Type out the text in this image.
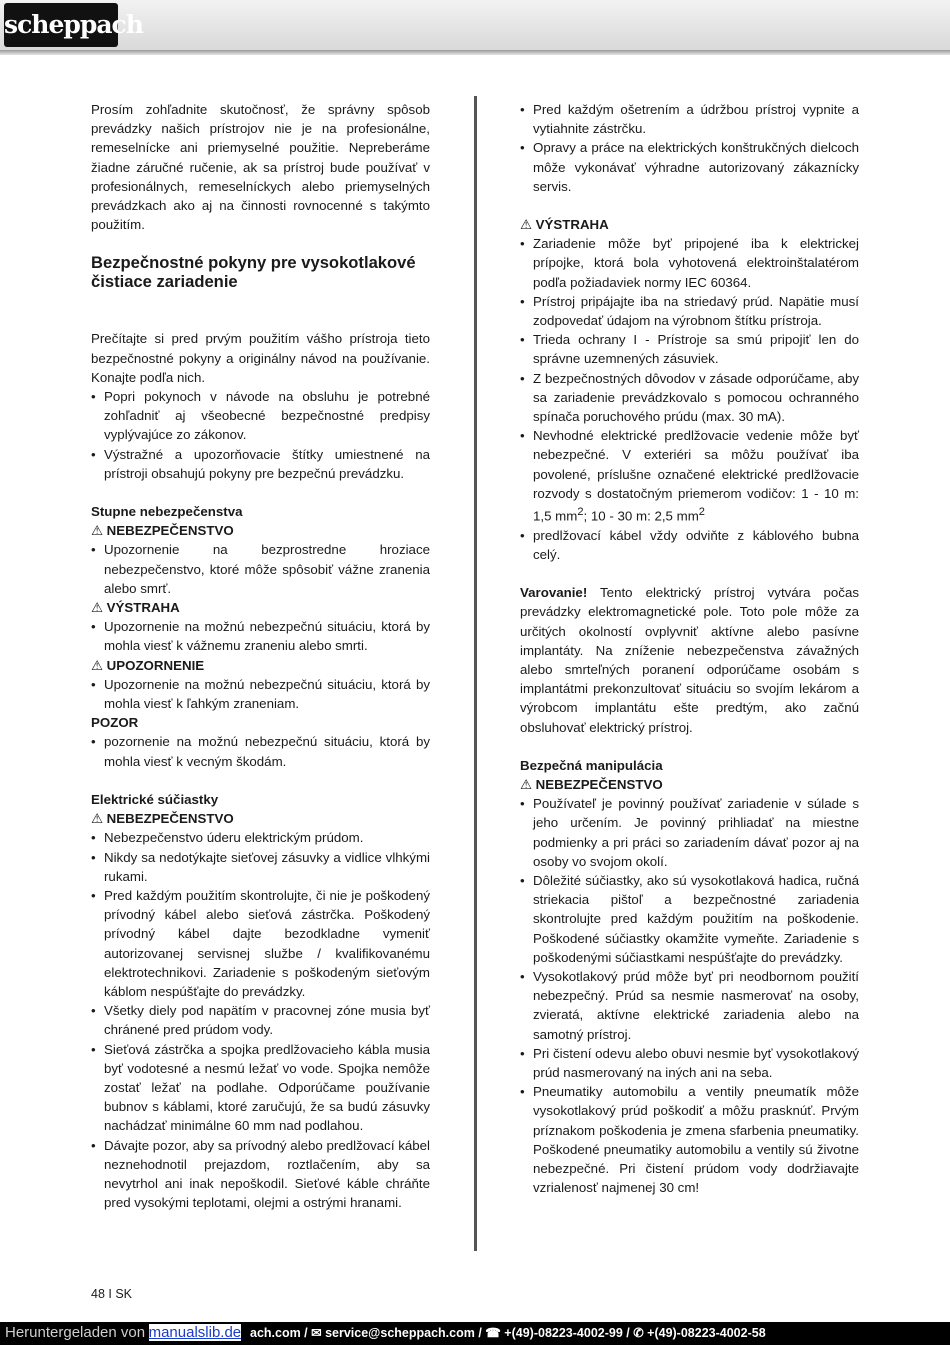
scheppach

Prosím zohľadnite skutočnosť, že správny spôsob prevádzky našich prístrojov nie je na profesionálne, remeselnícke ani priemyselné použitie. Nepreberáme žiadne záručné ručenie, ak sa prístroj bude používať v profesionálnych, remeselníckych alebo priemyselných prevádzkach ako aj na činnosti rovnocenné s takýmto použitím.

Bezpečnostné pokyny pre vysokotlakové čistiace zariadenie

Prečítajte si pred prvým použitím vášho prístroja tieto bezpečnostné pokyny a originálny návod na používanie. Konajte podľa nich.

• Popri pokynoch v návode na obsluhu je potrebné zohľadniť aj všeobecné bezpečnostné predpisy vyplývajúce zo zákonov.
• Výstražné a upozorňovacie štítky umiestnené na prístroji obsahujú pokyny pre bezpečnú prevádzku.

Stupne nebezpečenstva

⚠ NEBEZPEČENSTVO

• Upozornenie na bezprostredne hroziace nebezpečenstvo, ktoré môže spôsobiť vážne zranenia alebo smrť.

⚠ VÝSTRAHA

• Upozornenie na možnú nebezpečnú situáciu, ktorá by mohla viesť k vážnemu zraneniu alebo smrti.

⚠ UPOZORNENIE

• Upozornenie na možnú nebezpečnú situáciu, ktorá by mohla viesť k ľahkým zraneniam.

POZOR

• pozornenie na možnú nebezpečnú situáciu, ktorá by mohla viesť k vecným škodám.

Elektrické súčiastky

⚠ NEBEZPEČENSTVO

• Nebezpečenstvo úderu elektrickým prúdom.
• Nikdy sa nedotýkajte sieťovej zásuvky a vidlice vlhkými rukami.
• Pred každým použitím skontrolujte, či nie je poškodený prívodný kábel alebo sieťová zástrčka. Poškodený prívodný kábel dajte bezodkladne vymeniť autorizovanej servisnej službe / kvalifikovanému elektrotechnikovi. Zariadenie s poškodeným sieťovým káblom nespúšťajte do prevádzky.
• Všetky diely pod napätím v pracovnej zóne musia byť chránené pred prúdom vody.
• Sieťová zástrčka a spojka predlžovacieho kábla musia byť vodotesné a nesmú ležať vo vode. Spojka nemôže zostať ležať na podlahe. Odporúčame používanie bubnov s káblami, ktoré zaručujú, že sa budú zásuvky nachádzať minimálne 60 mm nad podlahou.
• Dávajte pozor, aby sa prívodný alebo predlžovací kábel neznehodnotil prejazdom, roztlačením, aby sa nevytrhol ani inak nepoškodil. Sieťové káble chráňte pred vysokými teplotami, olejmi a ostrými hranami.
• Pred každým ošetrením a údržbou prístroj vypnite a vytiahnite zástrčku.
• Opravy a práce na elektrických konštrukčných dielcoch môže vykonávať výhradne autorizovaný zákaznícky servis.

⚠ VÝSTRAHA

• Zariadenie môže byť pripojené iba k elektrickej prípojke, ktorá bola vyhotovená elektroinštalatérom podľa požiadaviek normy IEC 60364.
• Prístroj pripájajte iba na striedavý prúd. Napätie musí zodpovedať údajom na výrobnom štítku prístroja.
• Trieda ochrany I - Prístroje sa smú pripojiť len do správne uzemnených zásuviek.
• Z bezpečnostných dôvodov v zásade odporúčame, aby sa zariadenie prevádzkovalo s pomocou ochranného spínača poruchového prúdu (max. 30 mA).
• Nevhodné elektrické predlžovacie vedenie môže byť nebezpečné. V exteriéri sa môžu používať iba povolené, príslušne označené elektrické predlžovacie rozvody s dostatočným priemerom vodičov: 1 - 10 m: 1,5 $mm^2$; 10 - 30 m: 2,5 $mm^2$
• predlžovací kábel vždy odviňte z káblového bubna celý.

Varovanie! Tento elektrický prístroj vytvára počas prevádzky elektromagnetické pole. Toto pole môže za určitých okolností ovplyvniť aktívne alebo pasívne implantáty. Na zníženie nebezpečenstva závažných alebo smrteľných poranení odporúčame osobám s implantátmi prekonzultovať situáciu so svojím lekárom a výrobcom implantátu ešte predtým, ako začnú obsluhovať elektrický prístroj.

Bezpečná manipulácia

⚠ NEBEZPEČENSTVO

• Používateľ je povinný používať zariadenie v súlade s jeho určením. Je povinný prihliadať na miestne podmienky a pri práci so zariadením dávať pozor aj na osoby vo svojom okolí.
• Dôležité súčiastky, ako sú vysokotlaková hadica, ručná striekacia pištoľ a bezpečnostné zariadenia skontrolujte pred každým použitím na poškodenie. Poškodené súčiastky okamžite vymeňte. Zariadenie s poškodenými súčiastkami nespúšťajte do prevádzky.
• Vysokotlakový prúd môže byť pri neodbornom použití nebezpečný. Prúd sa nesmie nasmerovať na osoby, zvieratá, aktívne elektrické zariadenia alebo na samotný prístroj.
• Pri čistení odevu alebo obuvi nesmie byť vysokotlakový prúd nasmerovaný na iných ani na seba.
• Pneumatiky automobilu a ventily pneumatík môže vysokotlakový prúd poškodiť a môžu prasknúť. Prvým príznakom poškodenia je zmena sfarbenia pneumatiky. Poškodené pneumatiky automobilu a ventily sú životne nebezpečné. Pri čistení prúdom vody dodržiavajte vzrialenosť najmenej 30 cm!
48 I SK
Heruntergeladen von manualslib.de ach.com / ✉ service@scheppach.com / ☎ +(49)-08223-4002-99 / ✆ +(49)-08223-4002-58
